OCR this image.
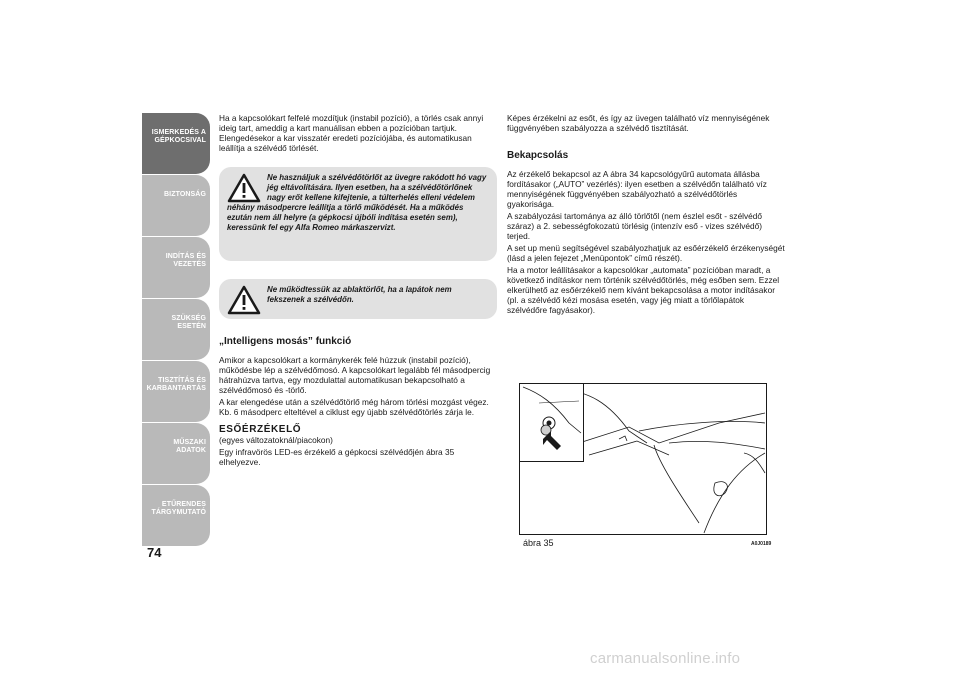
ISMERKEDÉS A GÉPKOCSIVAL
BIZTONSÁG
INDÍTÁS ÉS VEZETÉS
SZÜKSÉG ESETÉN
TISZTÍTÁS ÉS KARBANTARTÁS
MŰSZAKI ADATOK
ETŰRENDES TÁRGYMUTATÓ
74

Ha a kapcsolókart felfelé mozdítjuk (instabil pozíció), a törlés csak annyi ideig tart, ameddig a kart manuálisan ebben a pozícióban tartjuk. Elengedésekor a kar visszatér eredeti pozíciójába, és automatikusan leállítja a szélvédő törlését.

Ne használjuk a szélvédőtörlőt az üvegre rakódott hó vagy jég eltávolítására. Ilyen esetben, ha a szélvédőtörlőnek nagy erőt kellene kifejtenie, a túlterhelés elleni védelem néhány másodpercre leállítja a törlő működését. Ha a működés ezután nem áll helyre (a gépkocsi újbóli indítása esetén sem), keressünk fel egy Alfa Romeo márkaszervizt.
Ne működtessük az ablaktörlőt, ha a lapátok nem fekszenek a szélvédőn.
„Intelligens mosás” funkció

Amikor a kapcsolókart a kormánykerék felé húzzuk (instabil pozíció), működésbe lép a szélvédőmosó. A kapcsolókart legalább fél másodpercig hátrahúzva tartva, egy mozdulattal automatikusan bekapcsolható a szélvédőmosó és -törlő.

A kar elengedése után a szélvédőtörlő még három törlési mozgást végez. Kb. 6 másodperc elteltével a ciklust egy újabb szélvédőtörlés zárja le.

ESŐÉRZÉKELŐ

(egyes változatoknál/piacokon)

Egy infravörös LED-es érzékelő a gépkocsi szélvédőjén ábra 35 elhelyezve.

Képes érzékelni az esőt, és így az üvegen található víz mennyiségének függvényében szabályozza a szélvédő tisztítását.

Bekapcsolás

Az érzékelő bekapcsol az A ábra 34 kapcsológyűrű automata állásba fordításakor („AUTO” vezérlés): ilyen esetben a szélvédőn található víz mennyiségének függvényében szabályozható a szélvédőtörlés gyakorisága.

A szabályozási tartománya az álló törlőtől (nem észlel esőt - szélvédő száraz) a 2. sebességfokozatú törlésig (intenzív eső - vizes szélvédő) terjed.

A set up menü segítségével szabályozhatjuk az esőérzékelő érzékenységét (lásd a jelen fejezet „Menüpontok” című részét).

Ha a motor leállításakor a kapcsolókar „automata” pozícióban maradt, a következő indításkor nem történik szélvédőtörlés, még esőben sem. Ezzel elkerülhető az esőérzékelő nem kívánt bekapcsolása a motor indításakor (pl. a szélvédő kézi mosása esetén, vagy jég miatt a törlőlapátok szélvédőre fagyásakor).

ábra 35	A0J0189
carmanualsonline.info
